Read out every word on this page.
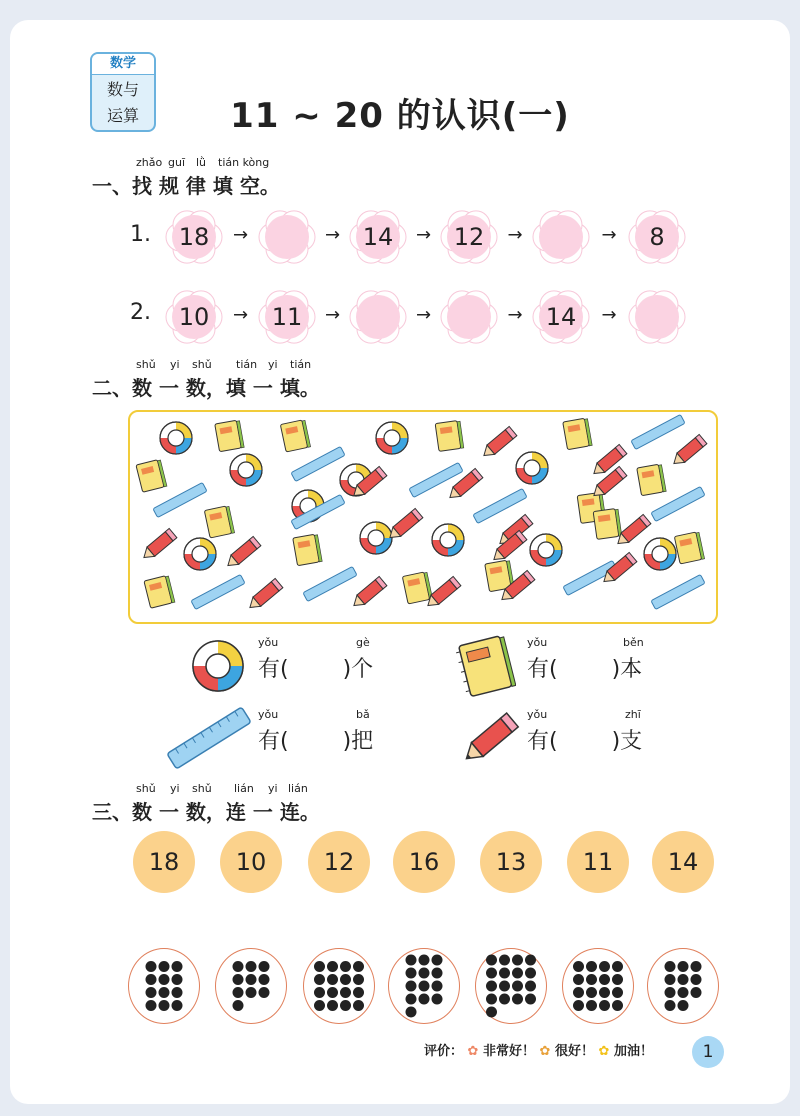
数学
数与
运算	11 ~ 20 的认识(一)
zhǎo guī lǜ tián kòng
一、找 规 律 填 空。
1.
2.
18	→	→ 14	→ 12	→	→	8
10	→ 11	→	→	→ 14	→
shǔ yi shǔ tián yi tián
二、数 一 数，填 一 填。
yǒu	gè
有( )个
yǒu	běn
有( )本
yǒu	bǎ
有( )把
yǒu	zhī
有( )支
shǔ yi shǔ lián yi lián
三、数 一 数，连 一 连。
18	10	12	16	13	11	14
评价： ✿ 非常好！ ✿ 很好！ ✿ 加油！	1
